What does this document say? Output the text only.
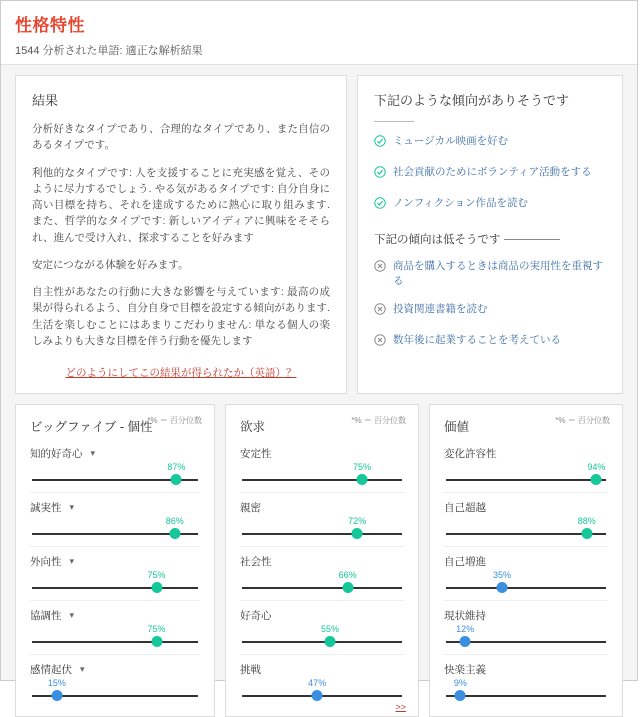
性格特性
1544 分析された単語: 適正な解析結果
結果

分析好きなタイプであり、合理的なタイプであり、また自信のあるタイプです。

利他的なタイプです: 人を支援することに充実感を覚え、そのように尽力するでしょう. やる気があるタイプです: 自分自身に高い目標を持ち、それを達成するために熱心に取り組みます. また、哲学的なタイプです: 新しいアイディアに興味をそそられ、進んで受け入れ、探求することを好みます

安定につながる体験を好みます。

自主性があなたの行動に大きな影響を与えています: 最高の成果が得られるよう、自分自身で目標を設定する傾向があります. 生活を楽しむことにはあまりこだわりません: 単なる個人の楽しみよりも大きな目標を伴う行動を優先します

どのようにしてこの結果が得られたか（英語）？
下記のような傾向がありそうです
ミュージカル映画を好む
社会貢献のためにボランティア活動をする
ノンフィクション作品を読む
下記の傾向は低そうです
商品を購入するときは商品の実用性を重視する
投資関連書籍を読む
数年後に起業することを考えている
*% ＝ 百分位数
ビッグファイブ - 個性
知的好奇心 ▾
87%
誠実性 ▾
86%
外向性 ▾
75%
協調性 ▾
75%
感情起伏 ▾
15%
*% ＝ 百分位数
欲求
安定性
75%
親密
72%
社会性
66%
好奇心
55%
挑戦
47%
>>
*% ＝ 百分位数
価値
変化許容性
94%
自己超越
88%
自己増進
35%
現状維持
12%
快楽主義
9%
